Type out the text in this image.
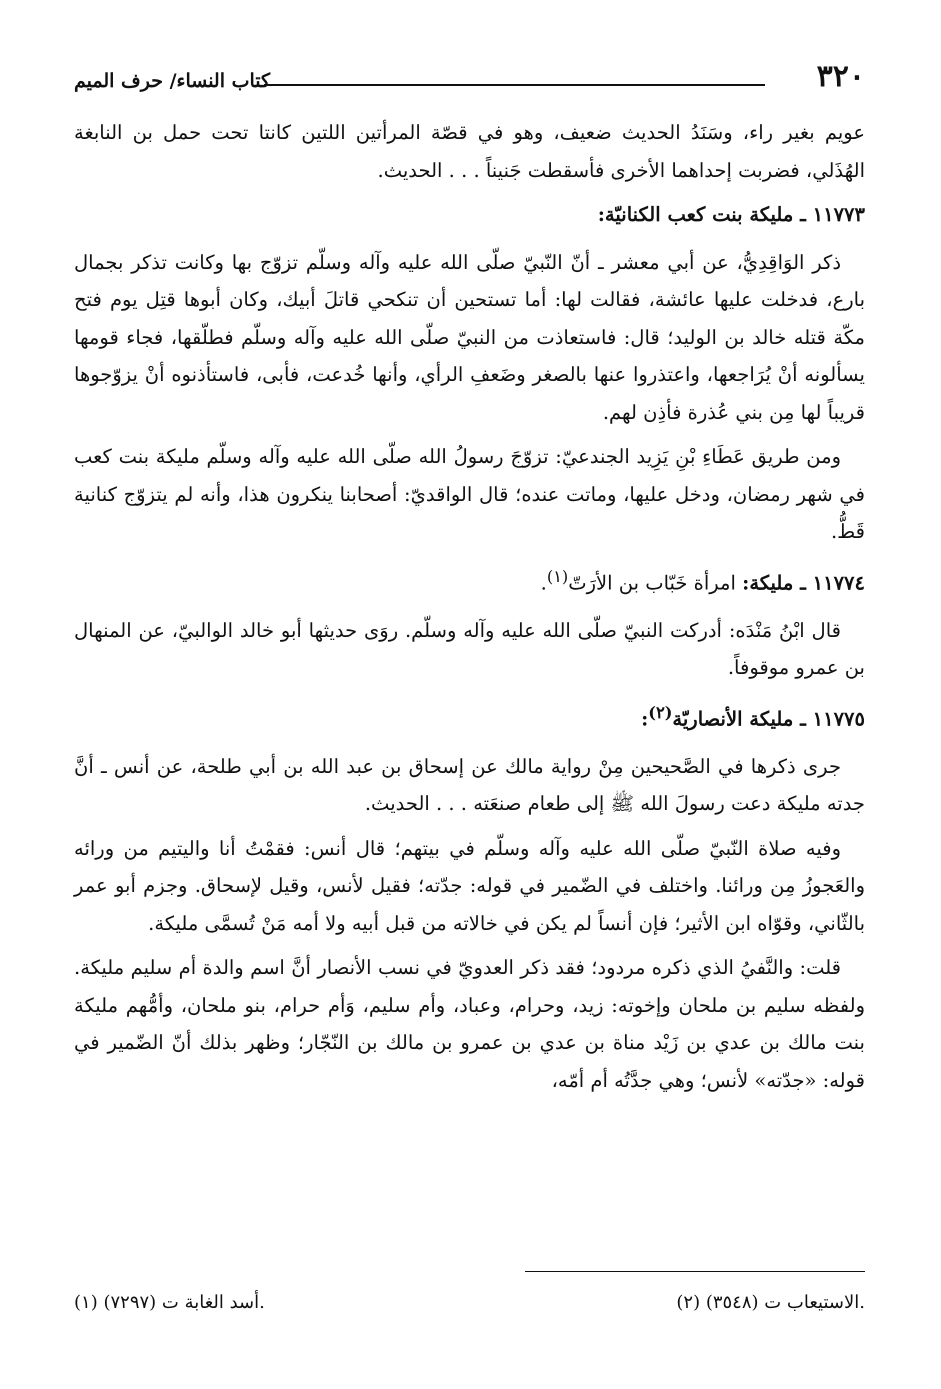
٣٢٠
كتاب النساء/ حرف الميم

عويم بغير راء، وسَنَدُ الحديث ضعيف، وهو في قصّة المرأتين اللتين كانتا تحت حمل بن النابغة الهُذَلي، فضربت إحداهما الأخرى فأسقطت جَنيناً . . . الحديث.

١١٧٧٣ ـ مليكة بنت كعب الكنانيّة:

ذكر الوَاقِدِيُّ، عن أبي معشر ـ أنّ النّبيّ صلّى الله عليه وآله وسلّم تزوّج بها وكانت تذكر بجمال بارع، فدخلت عليها عائشة، فقالت لها: أما تستحين أن تنكحي قاتلَ أبيك، وكان أبوها قتِل يوم فتح مكّة قتله خالد بن الوليد؛ قال: فاستعاذت من النبيّ صلّى الله عليه وآله وسلّم فطلّقها، فجاء قومها يسألونه أنْ يُرَاجعها، واعتذروا عنها بالصغر وضَعفِ الرأي، وأنها خُدعت، فأبى، فاستأذنوه أنْ يزوّجوها قريباً لها مِن بني عُذرة فأذِن لهم.

ومن طريق عَطَاءِ بْنِ يَزِيد الجندعيّ: تزوّجَ رسولُ الله صلّى الله عليه وآله وسلّم مليكة بنت كعب في شهر رمضان، ودخل عليها، وماتت عنده؛ قال الواقديّ: أصحابنا ينكرون هذا، وأنه لم يتزوّج كنانية قَطُّ.

١١٧٧٤ ـ مليكة: امرأة خَبّاب بن الأرَتّ$^{(١)}$.

قال ابْنُ مَنْدَه: أدركت النبيّ صلّى الله عليه وآله وسلّم. روَى حديثها أبو خالد الوالبيّ، عن المنهال بن عمرو موقوفاً.

١١٧٧٥ ـ مليكة الأنصاريّة$^{(٢)}$:

جرى ذكرها في الصَّحيحين مِنْ رواية مالك عن إسحاق بن عبد الله بن أبي طلحة، عن أنس ـ أنَّ جدته مليكة دعت رسولَ الله ﷺ إلى طعام صنعَته . . . الحديث.

وفيه صلاة النّبيّ صلّى الله عليه وآله وسلّم في بيتهم؛ قال أنس: فقمْتُ أنا واليتيم من ورائه والعَجوزُ مِن ورائنا. واختلف في الضّمير في قوله: جدّته؛ فقيل لأنس، وقيل لإسحاق. وجزم أبو عمر بالثّاني، وقوّاه ابن الأثير؛ فإن أنساً لم يكن في خالاته من قبل أبيه ولا أمه مَنْ تُسمَّى مليكة.

قلت: والنَّفيُ الذي ذكره مردود؛ فقد ذكر العدويّ في نسب الأنصار أنَّ اسم والدة أم سليم مليكة. ولفظه سليم بن ملحان وإخوته: زيد، وحرام، وعباد، وأم سليم، وَأم حرام، بنو ملحان، وأمُّهم مليكة بنت مالك بن عدي بن زَيْد مناة بن عدي بن عمرو بن مالك بن النّجّار؛ وظهر بذلك أنّ الضّمير في قوله: «جدّته» لأنس؛ وهي جدَّتُه أم أمّه،

(١) أسد الغابة ت (٧٢٩٧).	(٢) الاستيعاب ت (٣٥٤٨).
